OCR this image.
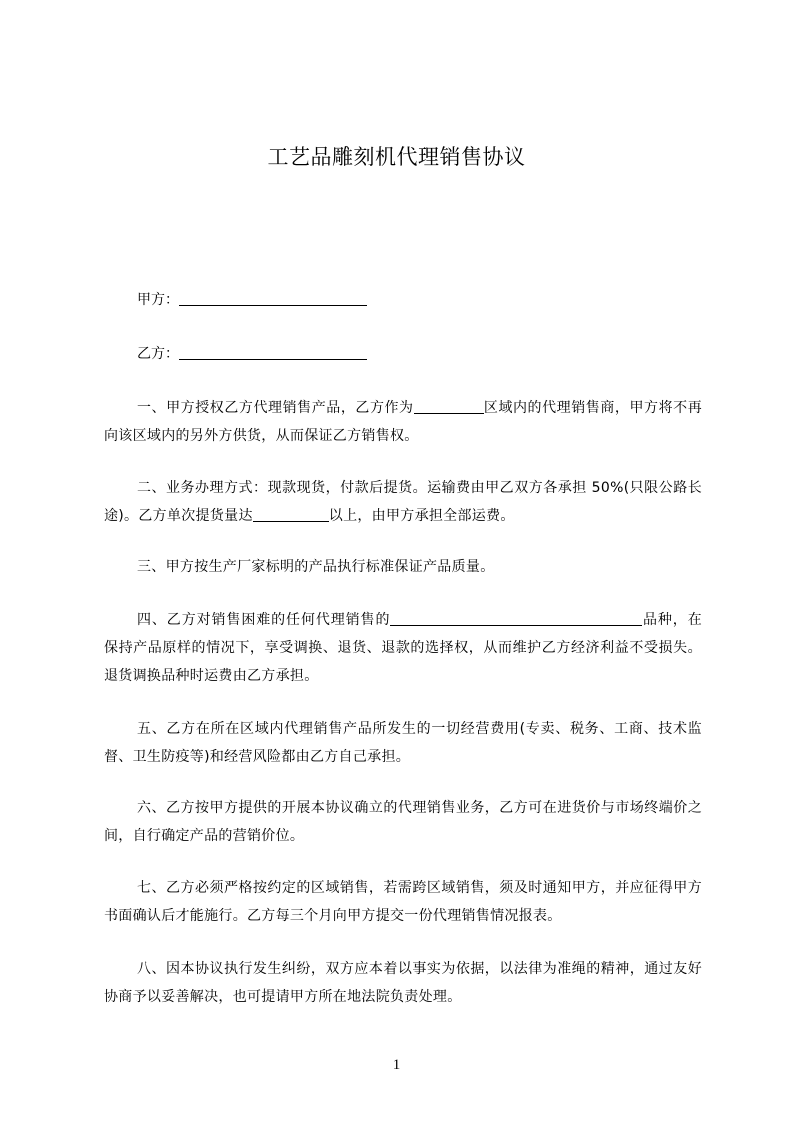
工艺品雕刻机代理销售协议
甲方：
乙方：
一、甲方授权乙方代理销售产品，乙方作为	区域内的代理销售商，甲方将不再向该区域内的另外方供货，从而保证乙方销售权。
二、业务办理方式：现款现货，付款后提货。运输费由甲乙双方各承担 50%(只限公路长途)。乙方单次提货量达	以上，由甲方承担全部运费。
三、甲方按生产厂家标明的产品执行标准保证产品质量。
四、乙方对销售困难的任何代理销售的	品种，在保持产品原样的情况下，享受调换、退货、退款的选择权，从而维护乙方经济利益不受损失。退货调换品种时运费由乙方承担。
五、乙方在所在区域内代理销售产品所发生的一切经营费用(专卖、税务、工商、技术监督、卫生防疫等)和经营风险都由乙方自己承担。
六、乙方按甲方提供的开展本协议确立的代理销售业务，乙方可在进货价与市场终端价之间，自行确定产品的营销价位。
七、乙方必须严格按约定的区域销售，若需跨区域销售，须及时通知甲方，并应征得甲方书面确认后才能施行。乙方每三个月向甲方提交一份代理销售情况报表。
八、因本协议执行发生纠纷，双方应本着以事实为依据，以法律为准绳的精神，通过友好协商予以妥善解决，也可提请甲方所在地法院负责处理。
1
